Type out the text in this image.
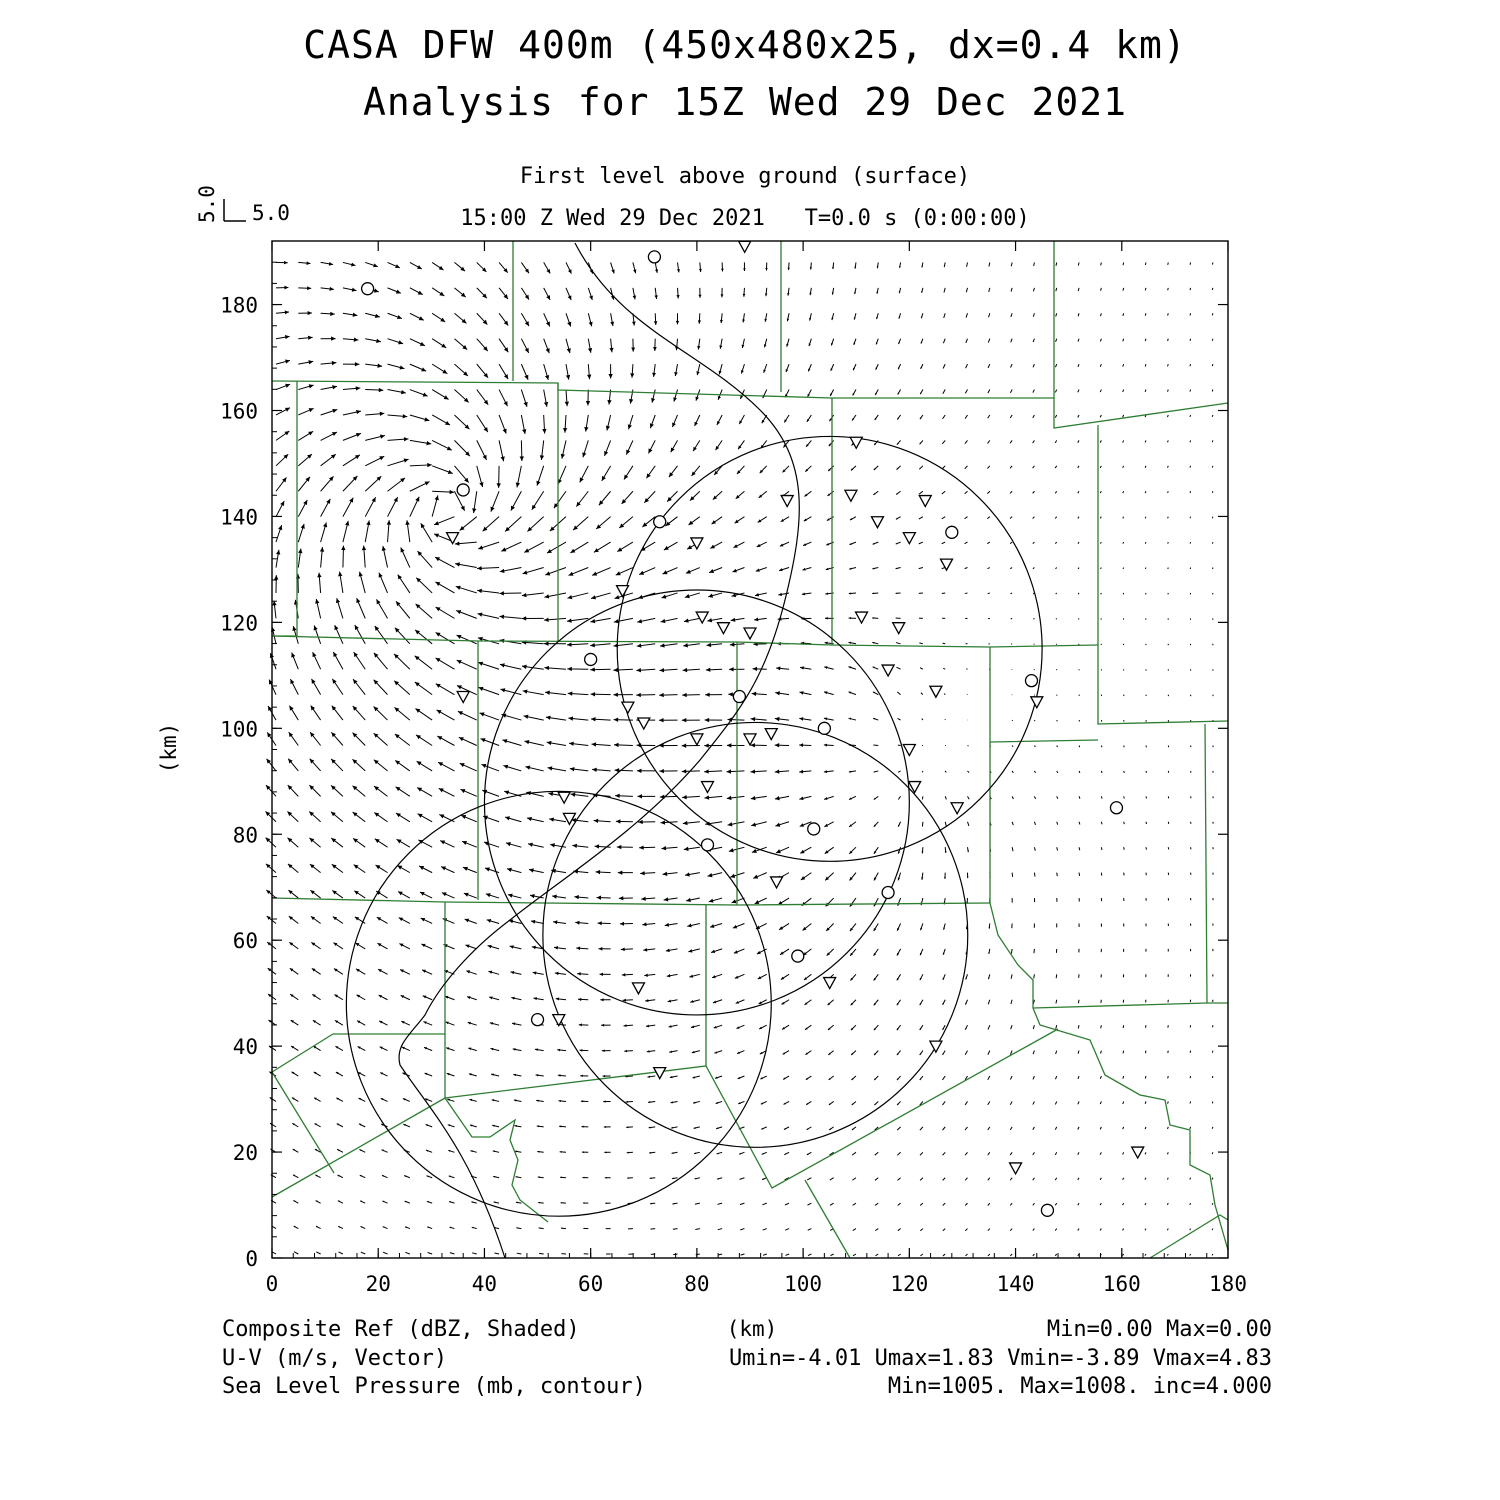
CASA DFW 400m (450x480x25, dx=0.4 km)
Analysis for 15Z Wed 29 Dec 2021
First level above ground (surface)
15:00 Z Wed 29 Dec 2021   T=0.0 s (0:00:00)
5.0 5.0
0	20	40	60	80	100	120	140	160	180
0
20
40
60
80
100
120
140
160
180
(km)
(km)
Composite Ref (dBZ, Shaded)	Min=0.00 Max=0.00
U-V (m/s, Vector)	Umin=-4.01 Umax=1.83 Vmin=-3.89 Vmax=4.83
Sea Level Pressure (mb, contour)	Min=1005. Max=1008. inc=4.000
